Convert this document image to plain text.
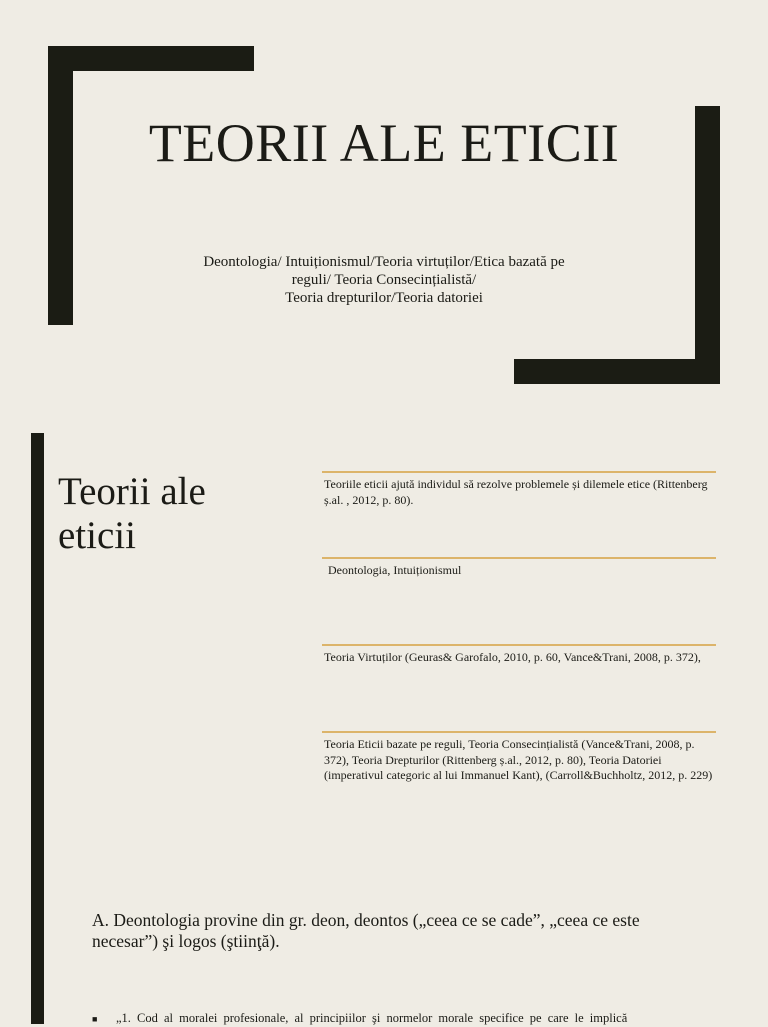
TEORII ALE ETICII
Deontologia/ Intuiționismul/Teoria virtuților/Etica bazată pe
reguli/ Teoria Consecințialistă/
Teoria drepturilor/Teoria datoriei
Teorii ale
eticii
Teoriile eticii ajută individul să rezolve problemele și dilemele etice (Rittenberg ș.al. , 2012, p. 80).
Deontologia, Intuiționismul
Teoria Virtuților (Geuras& Garofalo, 2010, p. 60, Vance&Trani, 2008, p. 372),
Teoria Eticii bazate pe reguli, Teoria Consecințialistă (Vance&Trani, 2008, p. 372), Teoria Drepturilor (Rittenberg ș.al., 2012, p. 80), Teoria Datoriei (imperativul categoric al lui Immanuel Kant), (Carroll&Buchholtz, 2012, p. 229)
A. Deontologia provine din gr. deon, deontos („ceea ce se cade”, „ceea ce este necesar”) şi logos (ştiinţă).
■ „1. Cod al moralei profesionale, al principiilor şi normelor morale specifice pe care le implică
